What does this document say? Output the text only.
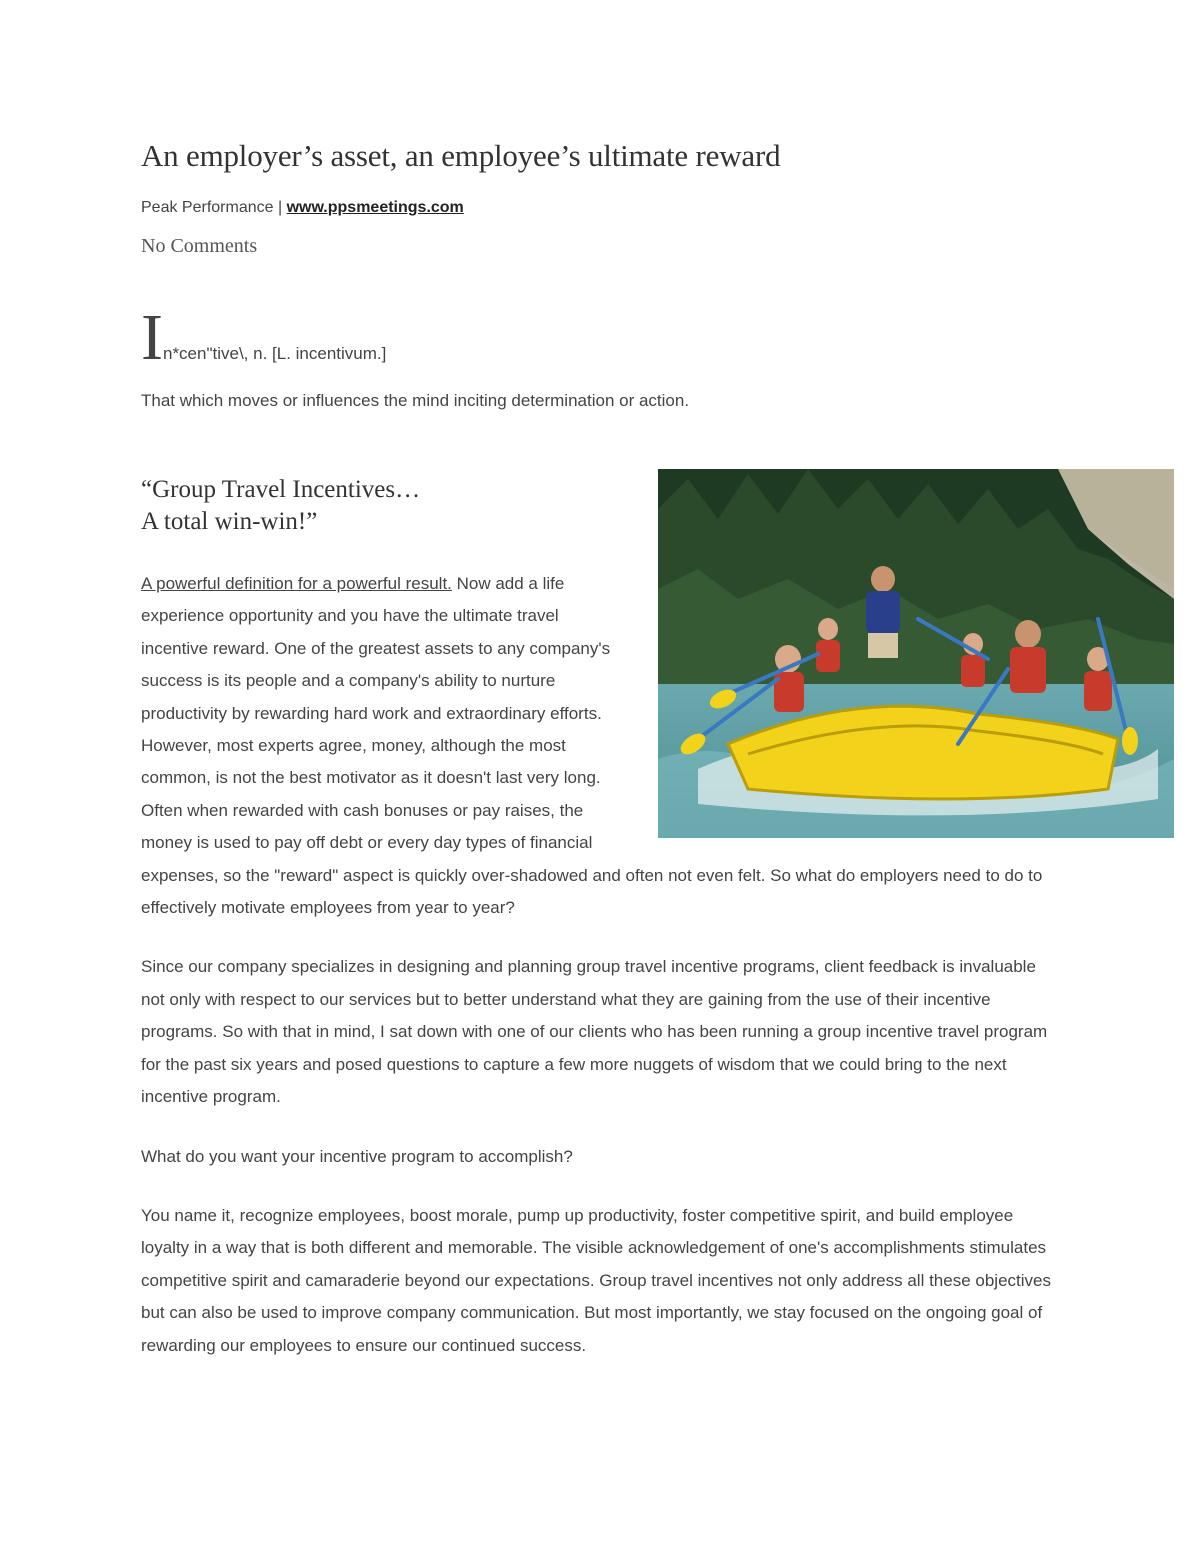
An employer’s asset, an employee’s ultimate reward
Peak Performance | www.ppsmeetings.com
No Comments
In*cen"tive\, n. [L. incentivum.]
That which moves or influences the mind inciting determination or action.
“Group Travel Incentives…
A total win-win!”

A powerful definition for a powerful result. Now add a life experience opportunity and you have the ultimate travel incentive reward. One of the greatest assets to any company's success is its people and a company's ability to nurture productivity by rewarding hard work and extraordinary efforts. However, most experts agree, money, although the most common, is not the best motivator as it doesn't last very long. Often when rewarded with cash bonuses or pay raises, the money is used to pay off debt or every day types of financial expenses, so the "reward" aspect is quickly over-shadowed and often not even felt. So what do employers need to do to effectively motivate employees from year to year?

Since our company specializes in designing and planning group travel incentive programs, client feedback is invaluable not only with respect to our services but to better understand what they are gaining from the use of their incentive programs. So with that in mind, I sat down with one of our clients who has been running a group incentive travel program for the past six years and posed questions to capture a few more nuggets of wisdom that we could bring to the next incentive program.

What do you want your incentive program to accomplish?

You name it, recognize employees, boost morale, pump up productivity, foster competitive spirit, and build employee loyalty in a way that is both different and memorable. The visible acknowledgement of one's accomplishments stimulates competitive spirit and camaraderie beyond our expectations. Group travel incentives not only address all these objectives but can also be used to improve company communication. But most importantly, we stay focused on the ongoing goal of rewarding our employees to ensure our continued success.
